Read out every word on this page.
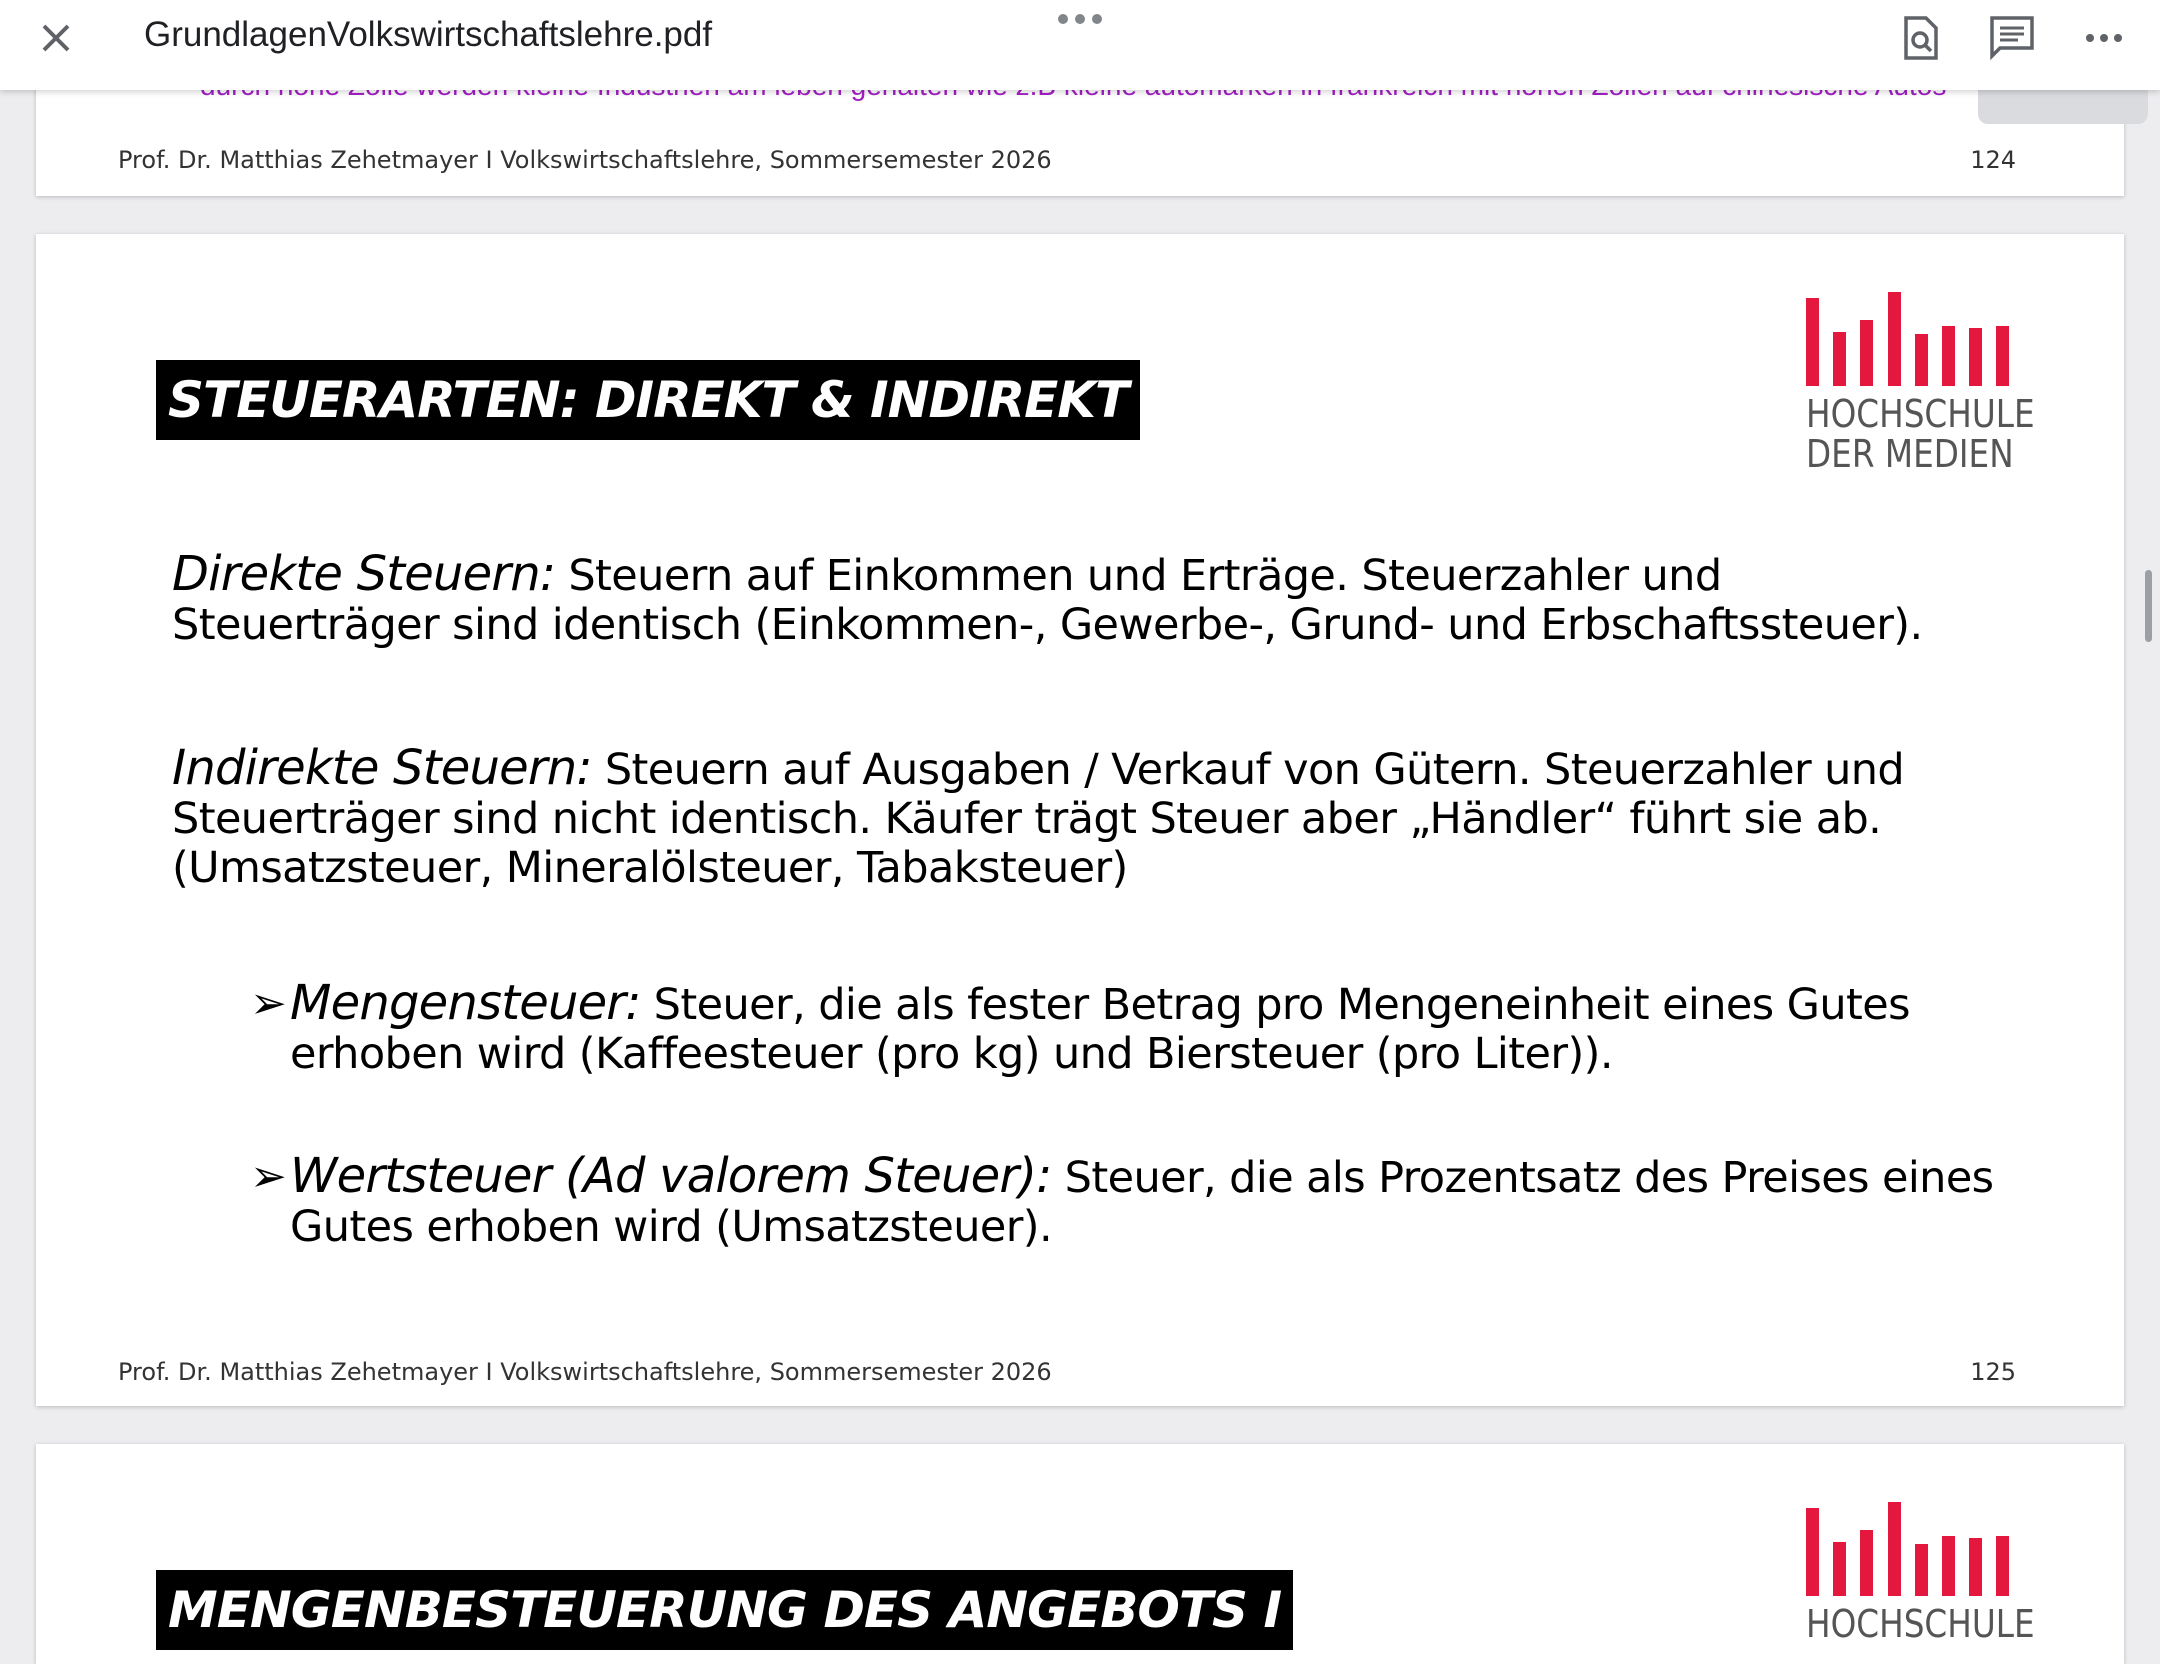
GrundlagenVolkswirtschaftslehre.pdf
Prof. Dr. Matthias Zehetmayer I Volkswirtschaftslehre, Sommersemester 2026	124
STEUERARTEN: DIREKT & INDIREKT	HOCHSCHULE
DER MEDIEN
Direkte Steuern: Steuern auf Einkommen und Erträge. Steuerzahler und
Steuerträger sind identisch (Einkommen-, Gewerbe-, Grund- und Erbschaftssteuer).
Indirekte Steuern: Steuern auf Ausgaben / Verkauf von Gütern. Steuerzahler und
Steuerträger sind nicht identisch. Käufer trägt Steuer aber „Händler“ führt sie ab.
(Umsatzsteuer, Mineralölsteuer, Tabaksteuer)
➢ Mengensteuer: Steuer, die als fester Betrag pro Mengeneinheit eines Gutes
erhoben wird (Kaffeesteuer (pro kg) und Biersteuer (pro Liter)).
➢ Wertsteuer (Ad valorem Steuer): Steuer, die als Prozentsatz des Preises eines
Gutes erhoben wird (Umsatzsteuer).
Prof. Dr. Matthias Zehetmayer I Volkswirtschaftslehre, Sommersemester 2026	125
MENGENBESTEUERUNG DES ANGEBOTS I	HOCHSCHULE
